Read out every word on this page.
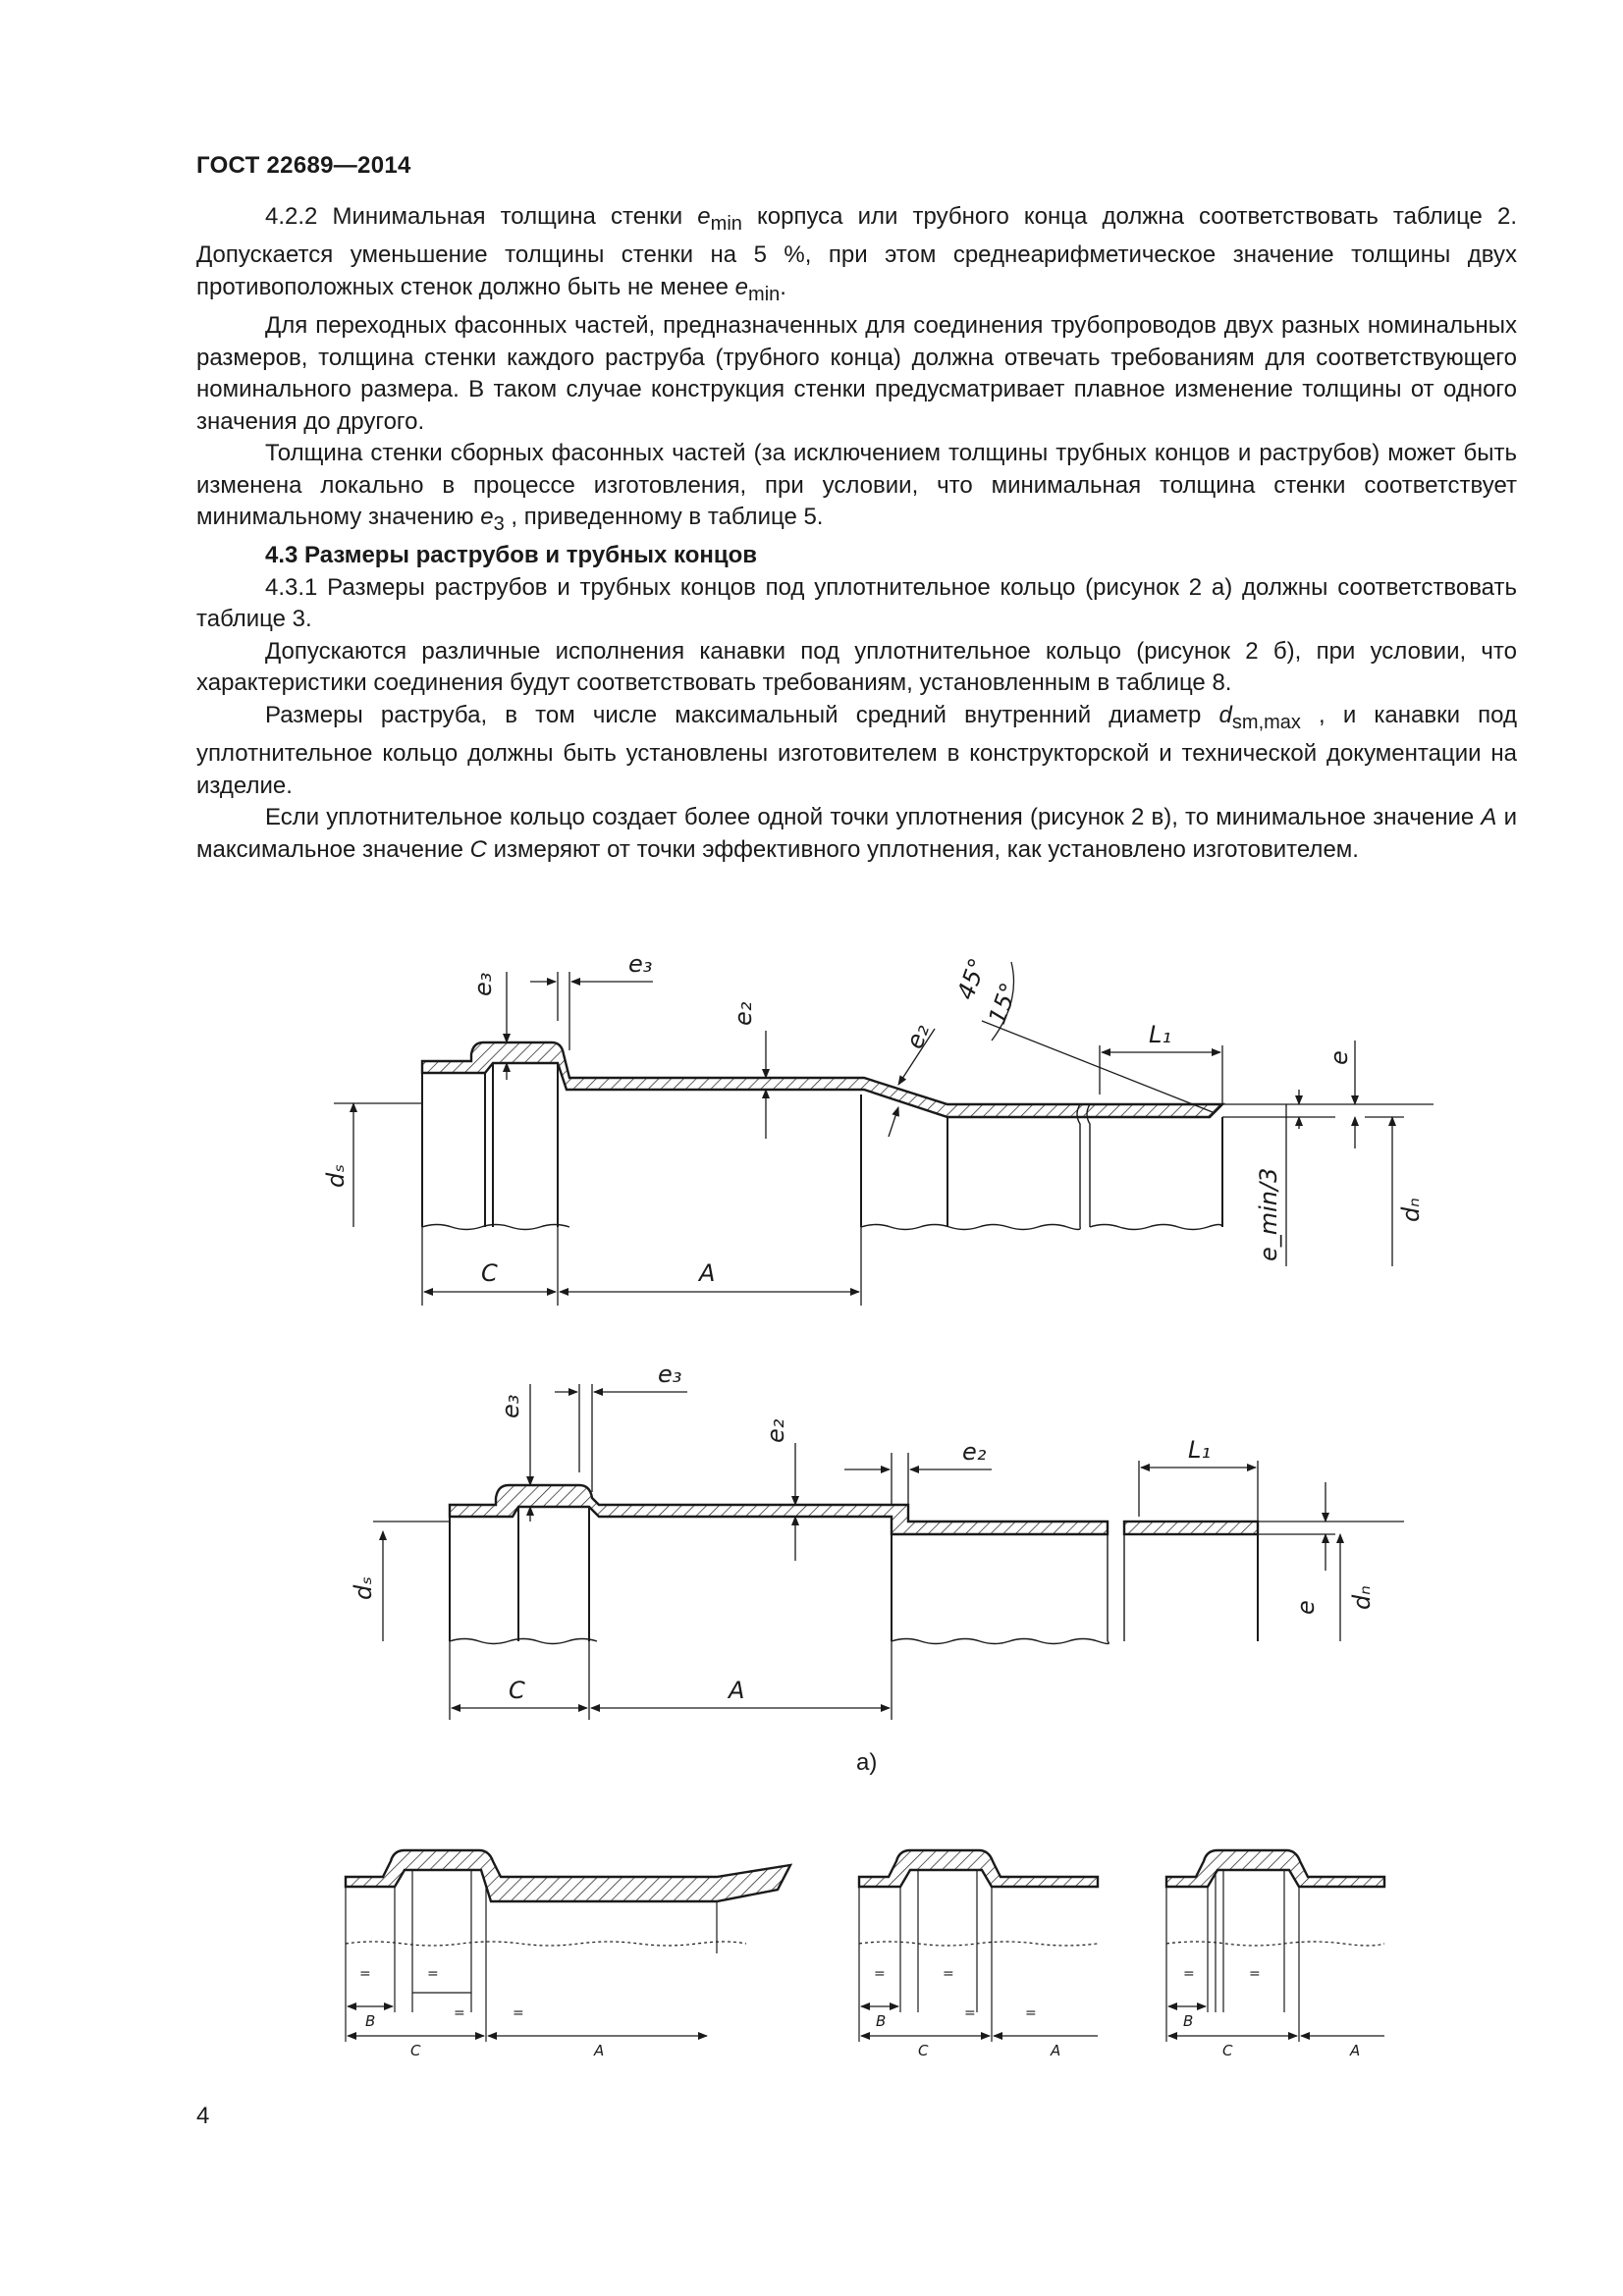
ГОСТ 22689—2014

4.2.2 Минимальная толщина стенки $e_{min}$ корпуса или трубного конца должна соответствовать таблице 2. Допускается уменьшение толщины стенки на 5 %, при этом среднеарифметическое значение толщины двух противоположных стенок должно быть не менее $e_{min}$.

Для переходных фасонных частей, предназначенных для соединения трубопроводов двух разных номинальных размеров, толщина стенки каждого раструба (трубного конца) должна отвечать требованиям для соответствующего номинального размера. В таком случае конструкция стенки предусматривает плавное изменение толщины от одного значения до другого.

Толщина стенки сборных фасонных частей (за исключением толщины трубных концов и раструбов) может быть изменена локально в процессе изготовления, при условии, что минимальная толщина стенки соответствует минимальному значению $e_3$ , приведенному в таблице 5.

4.3 Размеры раструбов и трубных концов

4.3.1 Размеры раструбов и трубных концов под уплотнительное кольцо (рисунок 2 а) должны соответствовать таблице 3.

Допускаются различные исполнения канавки под уплотнительное кольцо (рисунок 2 б), при условии, что характеристики соединения будут соответствовать требованиям, установленным в таблице 8.

Размеры раструба, в том числе максимальный средний внутренний диаметр $d_{sm,max}$ , и канавки под уплотнительное кольцо должны быть установлены изготовителем в конструкторской и технической документации на изделие.

Если уплотнительное кольцо создает более одной точки уплотнения (рисунок 2 в), то минимальное значение A и максимальное значение C измеряют от точки эффективного уплотнения, как установлено изготовителем.

e₃
e₃
e₂
e₂
45°
15°
L₁
e
dₛ
dₙ
e_min/3
C	A
e₃
e₃
e₂
e₂	L₁
e
dₛ	dₙ
C	A
=	=
=	=
B
C	A
=	=
=	=
B
C	A
=	=
B
C	A
а)
4
